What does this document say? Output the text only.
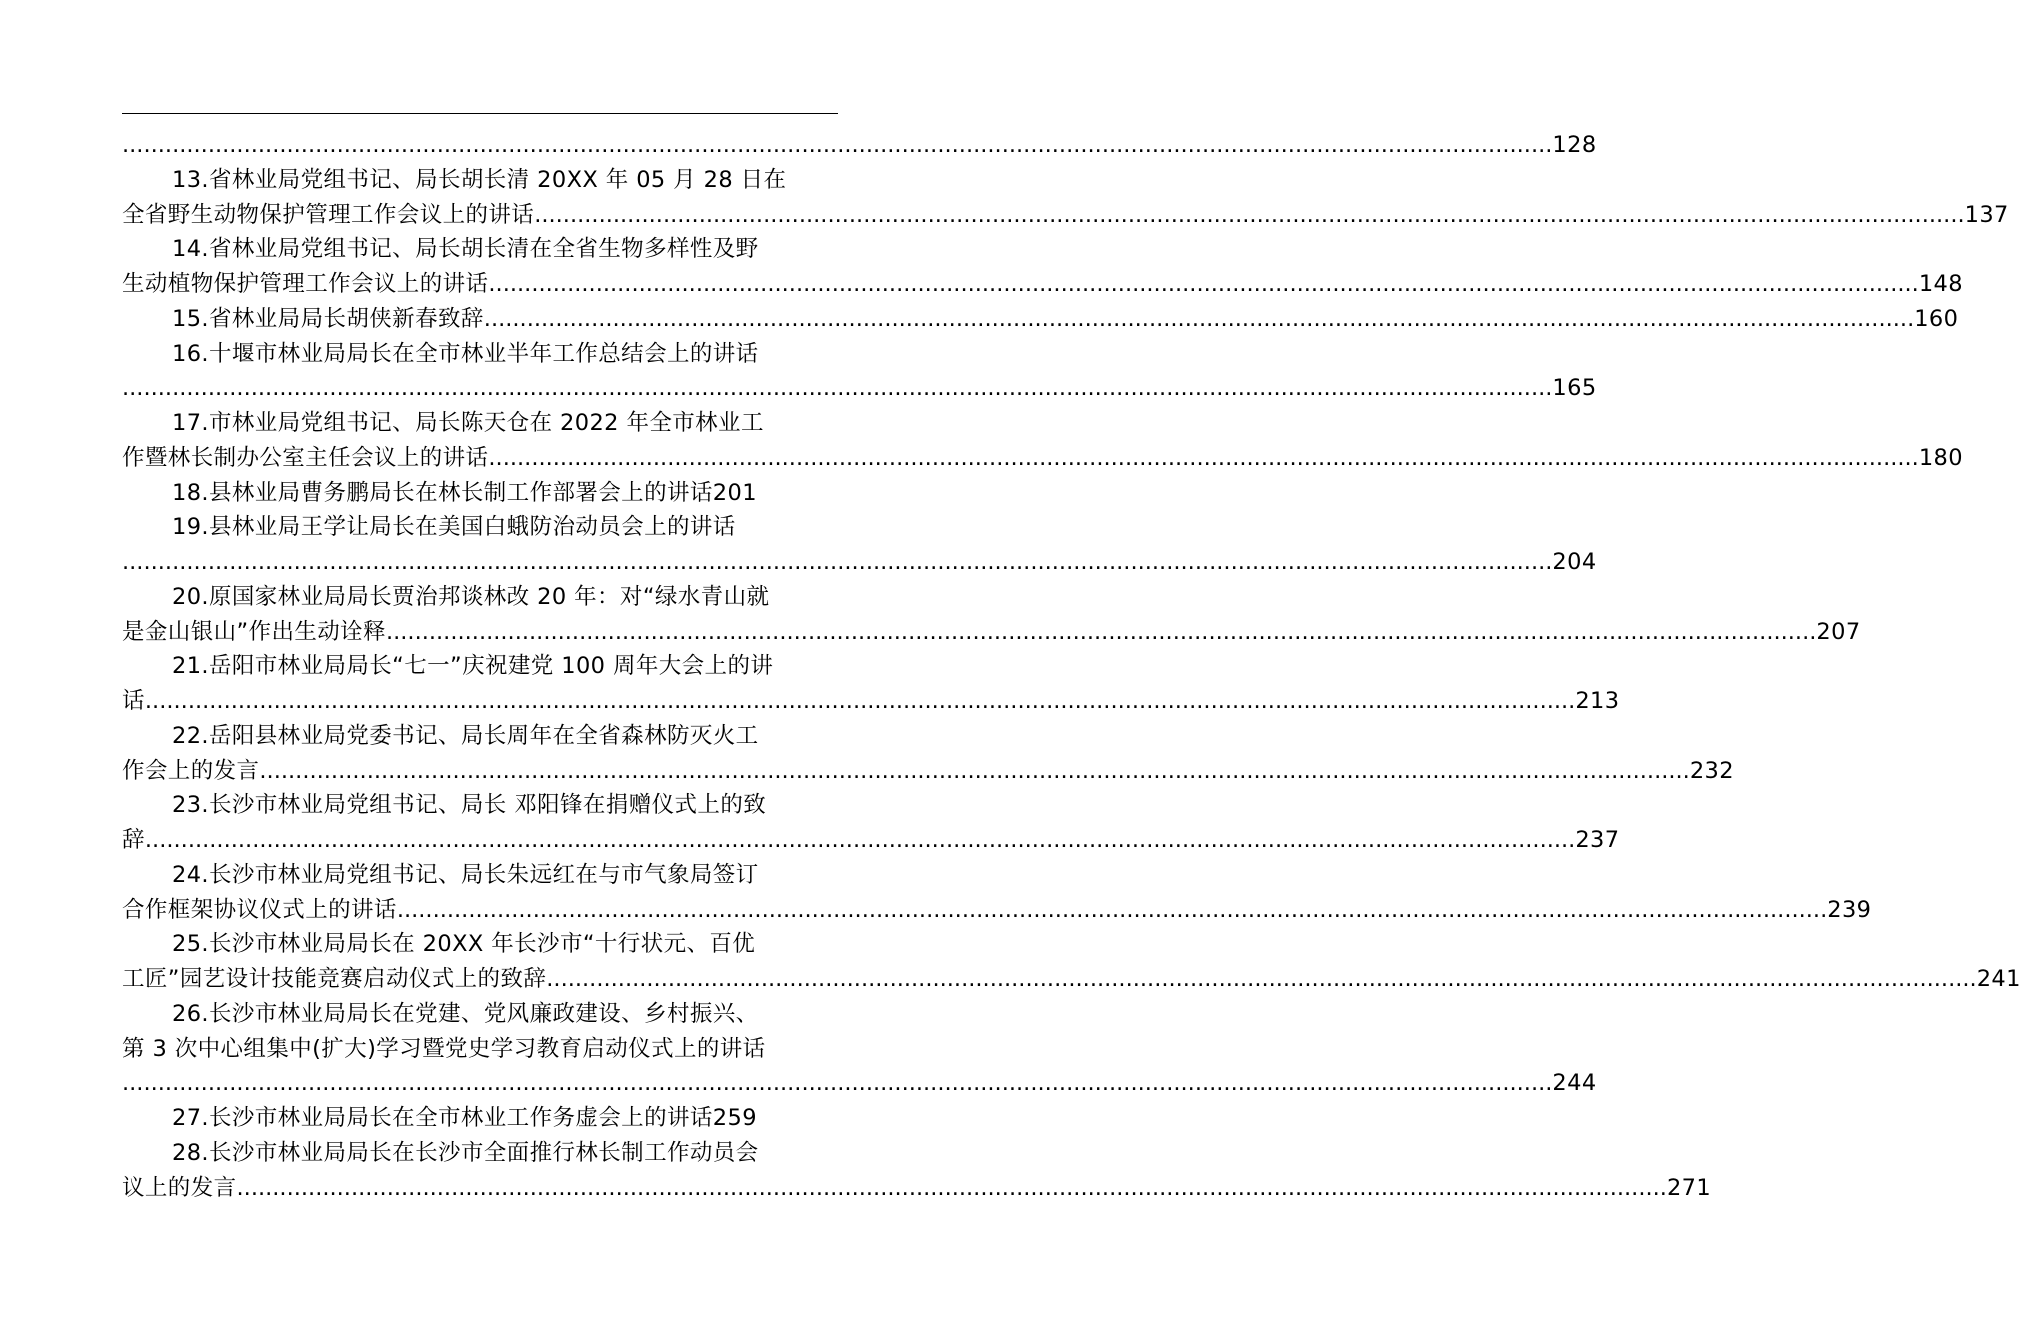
........................................................................................................................................................................................................ 128
13.省林业局党组书记、局长胡长清 20XX 年 05 月 28 日在
全省野生动物保护管理工作会议上的讲话 ........................................................................................................................................................................................................ 137
14.省林业局党组书记、局长胡长清在全省生物多样性及野
生动植物保护管理工作会议上的讲话 ........................................................................................................................................................................................................ 148
15.省林业局局长胡侠新春致辞 ........................................................................................................................................................................................................ 160
16.十堰市林业局局长在全市林业半年工作总结会上的讲话
........................................................................................................................................................................................................ 165
17.市林业局党组书记、局长陈天仓在 2022 年全市林业工
作暨林长制办公室主任会议上的讲话 ........................................................................................................................................................................................................ 180
18.县林业局曹务鹏局长在林长制工作部署会上的讲话201
19.县林业局王学让局长在美国白蛾防治动员会上的讲话
........................................................................................................................................................................................................ 204
20.原国家林业局局长贾治邦谈林改 20 年：对“绿水青山就
是金山银山”作出生动诠释 ........................................................................................................................................................................................................ 207
21.岳阳市林业局局长“七一”庆祝建党 100 周年大会上的讲
话 ........................................................................................................................................................................................................ 213
22.岳阳县林业局党委书记、局长周年在全省森林防灭火工
作会上的发言 ........................................................................................................................................................................................................ 232
23.长沙市林业局党组书记、局长 邓阳锋在捐赠仪式上的致
辞 ........................................................................................................................................................................................................ 237
24.长沙市林业局党组书记、局长朱远红在与市气象局签订
合作框架协议仪式上的讲话 ........................................................................................................................................................................................................ 239
25.长沙市林业局局长在 20XX 年长沙市“十行状元、百优
工匠”园艺设计技能竞赛启动仪式上的致辞 ........................................................................................................................................................................................................ 241
26.长沙市林业局局长在党建、党风廉政建设、乡村振兴、
第 3 次中心组集中(扩大)学习暨党史学习教育启动仪式上的讲话
........................................................................................................................................................................................................ 244
27.长沙市林业局局长在全市林业工作务虚会上的讲话259
28.长沙市林业局局长在长沙市全面推行林长制工作动员会
议上的发言 ........................................................................................................................................................................................................ 271
